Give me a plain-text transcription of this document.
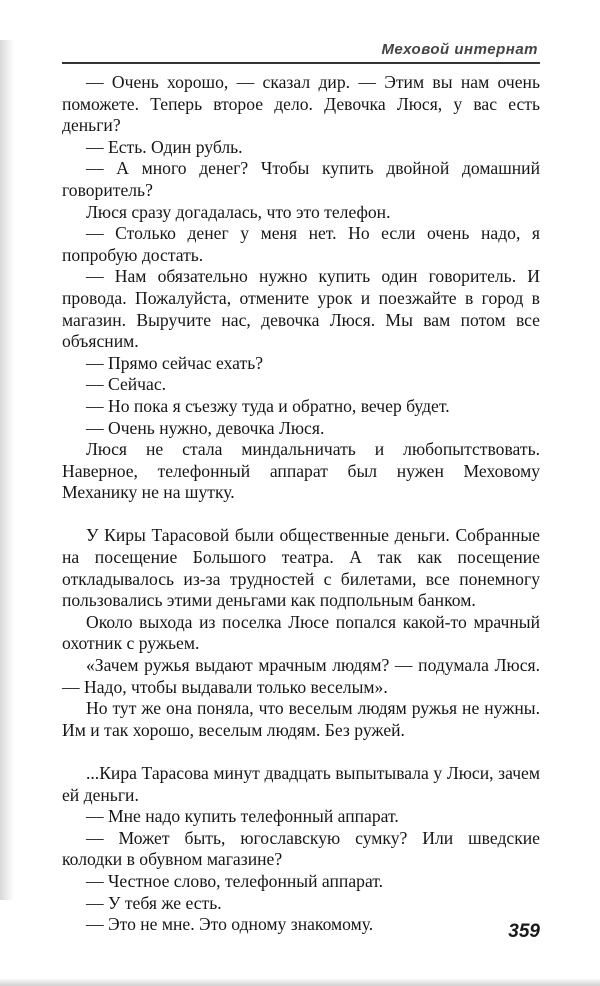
Меховой интернат

— Очень хорошо, — сказал дир. — Этим вы нам очень поможете. Теперь второе дело. Девочка Люся, у вас есть деньги?

— Есть. Один рубль.

— А много денег? Чтобы купить двойной домашний говоритель?

Люся сразу догадалась, что это телефон.

— Столько денег у меня нет. Но если очень надо, я попробую достать.

— Нам обязательно нужно купить один говоритель. И провода. Пожалуйста, отмените урок и поезжайте в город в магазин. Выручите нас, девочка Люся. Мы вам потом все объясним.

— Прямо сейчас ехать?

— Сейчас.

— Но пока я съезжу туда и обратно, вечер будет.

— Очень нужно, девочка Люся.

Люся не стала миндальничать и любопытствовать. Наверное, телефонный аппарат был нужен Меховому Механику не на шутку.

У Киры Тарасовой были общественные деньги. Собранные на посещение Большого театра. А так как посещение откладывалось из-за трудностей с билетами, все понемногу пользовались этими деньгами как подпольным банком.

Около выхода из поселка Люсе попался какой-то мрачный охотник с ружьем.

«Зачем ружья выдают мрачным людям? — подумала Люся. — Надо, чтобы выдавали только веселым».

Но тут же она поняла, что веселым людям ружья не нужны. Им и так хорошо, веселым людям. Без ружей.

...Кира Тарасова минут двадцать выпытывала у Люси, зачем ей деньги.

— Мне надо купить телефонный аппарат.

— Может быть, югославскую сумку? Или шведские колодки в обувном магазине?

— Честное слово, телефонный аппарат.

— У тебя же есть.

— Это не мне. Это одному знакомому.	359
